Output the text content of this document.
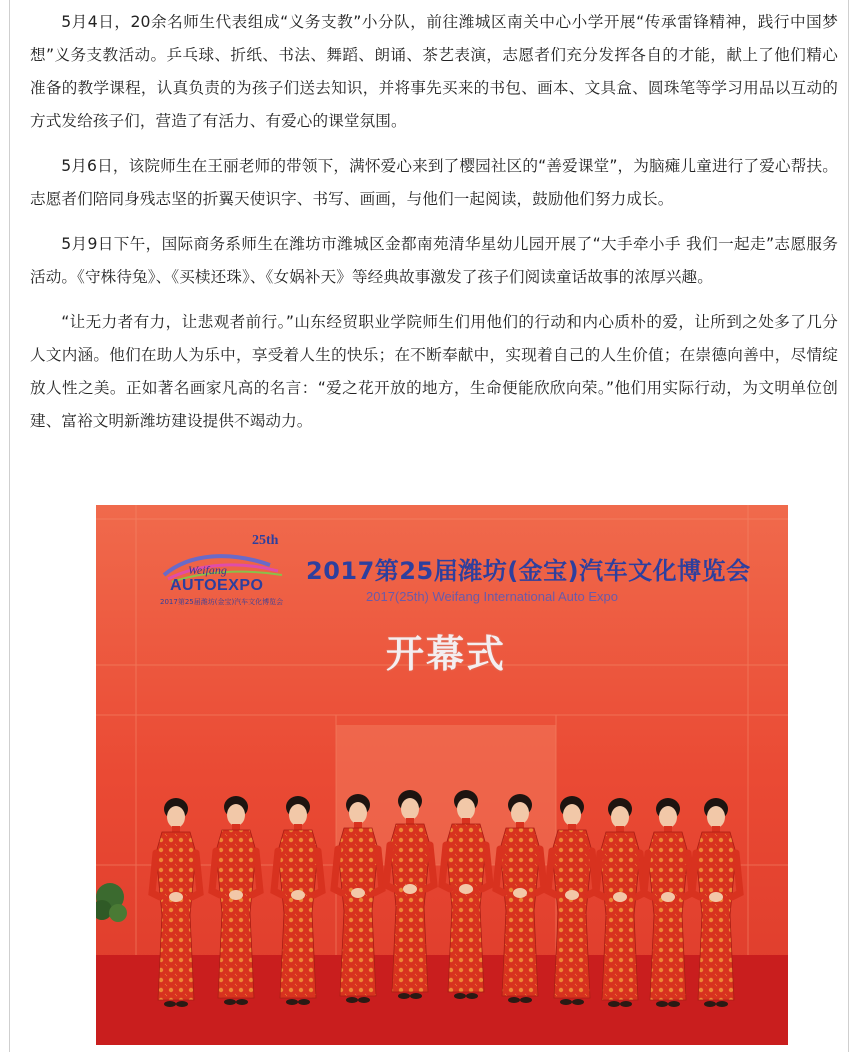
5月4日，20余名师生代表组成“义务支教”小分队，前往潍城区南关中心小学开展“传承雷锋精神，践行中国梦想”义务支教活动。乒乓球、折纸、书法、舞蹈、朗诵、茶艺表演，志愿者们充分发挥各自的才能，献上了他们精心准备的教学课程，认真负责的为孩子们送去知识，并将事先买来的书包、画本、文具盒、圆珠笔等学习用品以互动的方式发给孩子们，营造了有活力、有爱心的课堂氛围。

5月6日，该院师生在王丽老师的带领下，满怀爱心来到了樱园社区的“善爱课堂”，为脑瘫儿童进行了爱心帮扶。志愿者们陪同身残志坚的折翼天使识字、书写、画画，与他们一起阅读，鼓励他们努力成长。

5月9日下午，国际商务系师生在潍坊市潍城区金都南苑清华星幼儿园开展了“大手牵小手 我们一起走”志愿服务活动。《守株待兔》、《买椟还珠》、《女娲补天》等经典故事激发了孩子们阅读童话故事的浓厚兴趣。

“让无力者有力，让悲观者前行。”山东经贸职业学院师生们用他们的行动和内心质朴的爱，让所到之处多了几分人文内涵。他们在助人为乐中，享受着人生的快乐；在不断奉献中，实现着自己的人生价值；在崇德向善中，尽情绽放人性之美。正如著名画家凡高的名言：“爱之花开放的地方，生命便能欣欣向荣。”他们用实际行动，为文明单位创建、富裕文明新潍坊建设提供不竭动力。

25th
Weifang
AUTOEXPO
2017第25届潍坊(金宝)汽车文化博览会
2017第25届潍坊(金宝)汽车文化博览会
2017(25th) Weifang International Auto Expo
开幕式
